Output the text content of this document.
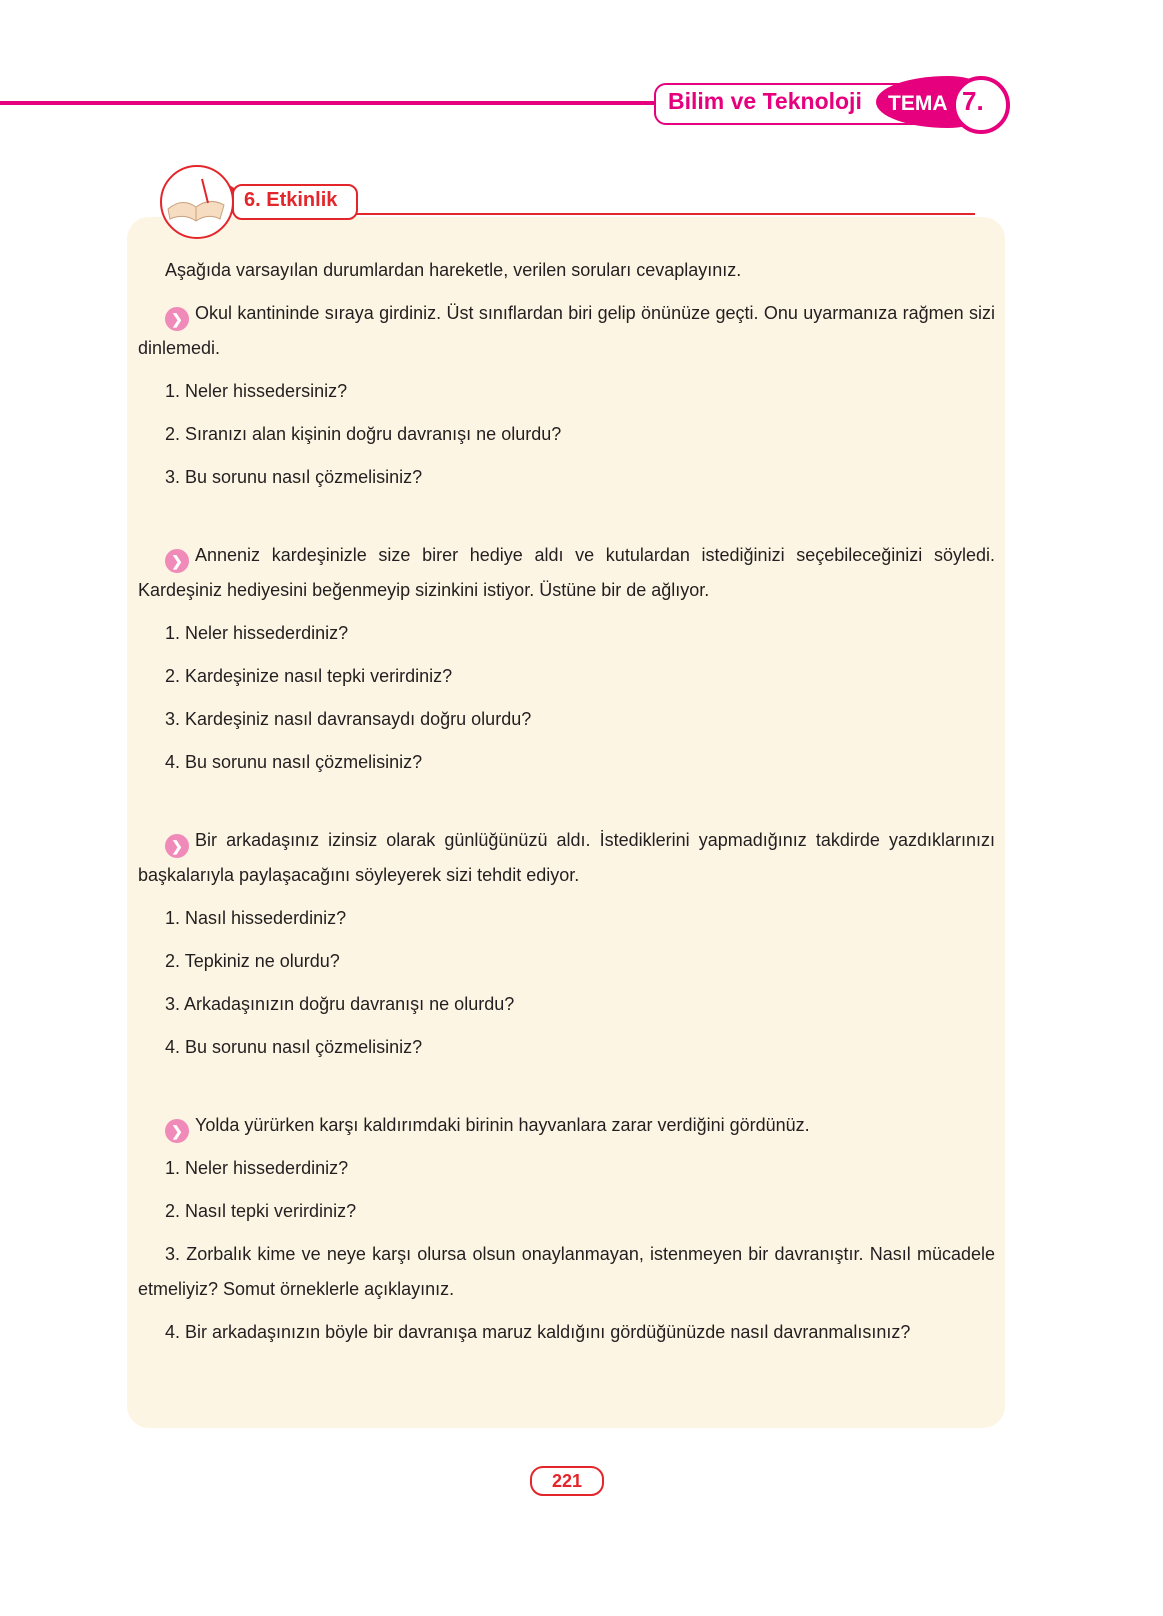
Bilim ve Teknoloji TEMA 7.
6. Etkinlik

Aşağıda varsayılan durumlardan hareketle, verilen soruları cevaplayınız.

❯ Okul kantininde sıraya girdiniz. Üst sınıflardan biri gelip önünüze geçti. Onu uyarmanıza rağmen sizi dinlemedi.

1. Neler hissedersiniz?

2. Sıranızı alan kişinin doğru davranışı ne olurdu?

3. Bu sorunu nasıl çözmelisiniz?

❯ Anneniz kardeşinizle size birer hediye aldı ve kutulardan istediğinizi seçebileceğinizi söyledi. Kardeşiniz hediyesini beğenmeyip sizinkini istiyor. Üstüne bir de ağlıyor.

1. Neler hissederdiniz?

2. Kardeşinize nasıl tepki verirdiniz?

3. Kardeşiniz nasıl davransaydı doğru olurdu?

4. Bu sorunu nasıl çözmelisiniz?

❯ Bir arkadaşınız izinsiz olarak günlüğünüzü aldı. İstediklerini yapmadığınız takdirde yazdıklarınızı başkalarıyla paylaşacağını söyleyerek sizi tehdit ediyor.

1. Nasıl hissederdiniz?

2. Tepkiniz ne olurdu?

3. Arkadaşınızın doğru davranışı ne olurdu?

4. Bu sorunu nasıl çözmelisiniz?

❯ Yolda yürürken karşı kaldırımdaki birinin hayvanlara zarar verdiğini gördünüz.

1. Neler hissederdiniz?

2. Nasıl tepki verirdiniz?

3. Zorbalık kime ve neye karşı olursa olsun onaylanmayan, istenmeyen bir davranıştır. Nasıl mücadele etmeliyiz? Somut örneklerle açıklayınız.

4. Bir arkadaşınızın böyle bir davranışa maruz kaldığını gördüğünüzde nasıl davranmalısınız?

221
